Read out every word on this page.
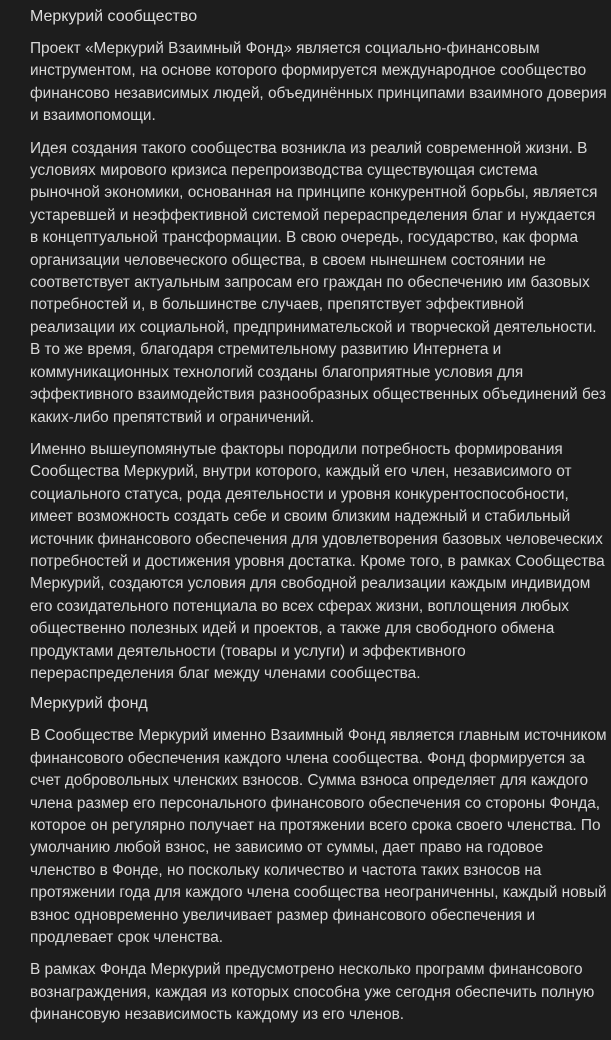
Меркурий сообщество

Проект «Меркурий Взаимный Фонд» является социально-финансовым инструментом, на основе которого формируется международное сообщество финансово независимых людей, объединённых принципами взаимного доверия и взаимопомощи.

Идея создания такого сообщества возникла из реалий современной жизни. В условиях мирового кризиса перепроизводства существующая система рыночной экономики, основанная на принципе конкурентной борьбы, является устаревшей и неэффективной системой перераспределения благ и нуждается в концептуальной трансформации. В свою очередь, государство, как форма организации человеческого общества, в своем нынешнем состоянии не соответствует актуальным запросам его граждан по обеспечению им базовых потребностей и, в большинстве случаев, препятствует эффективной реализации их социальной, предпринимательской и творческой деятельности. В то же время, благодаря стремительному развитию Интернета и коммуникационных технологий созданы благоприятные условия для эффективного взаимодействия разнообразных общественных объединений без каких-либо препятствий и ограничений.

Именно вышеупомянутые факторы породили потребность формирования Сообщества Меркурий, внутри которого, каждый его член, независимого от социального статуса, рода деятельности и уровня конкурентоспособности, имеет возможность создать себе и своим близким надежный и стабильный источник финансового обеспечения для удовлетворения базовых человеческих потребностей и достижения уровня достатка. Кроме того, в рамках Сообщества Меркурий, создаются условия для свободной реализации каждым индивидом его созидательного потенциала во всех сферах жизни, воплощения любых общественно полезных идей и проектов, а также для свободного обмена продуктами деятельности (товары и услуги) и эффективного перераспределения благ между членами сообщества.

Меркурий фонд

В Сообществе Меркурий именно Взаимный Фонд является главным источником финансового обеспечения каждого члена сообщества. Фонд формируется за счет добровольных членских взносов. Сумма взноса определяет для каждого члена размер его персонального финансового обеспечения со стороны Фонда, которое он регулярно получает на протяжении всего срока своего членства. По умолчанию любой взнос, не зависимо от суммы, дает право на годовое членство в Фонде, но поскольку количество и частота таких взносов на протяжении года для каждого члена сообщества неограниченны, каждый новый взнос одновременно увеличивает размер финансового обеспечения и продлевает срок членства.

В рамках Фонда Меркурий предусмотрено несколько программ финансового вознаграждения, каждая из которых способна уже сегодня обеспечить полную финансовую независимость каждому из его членов.
